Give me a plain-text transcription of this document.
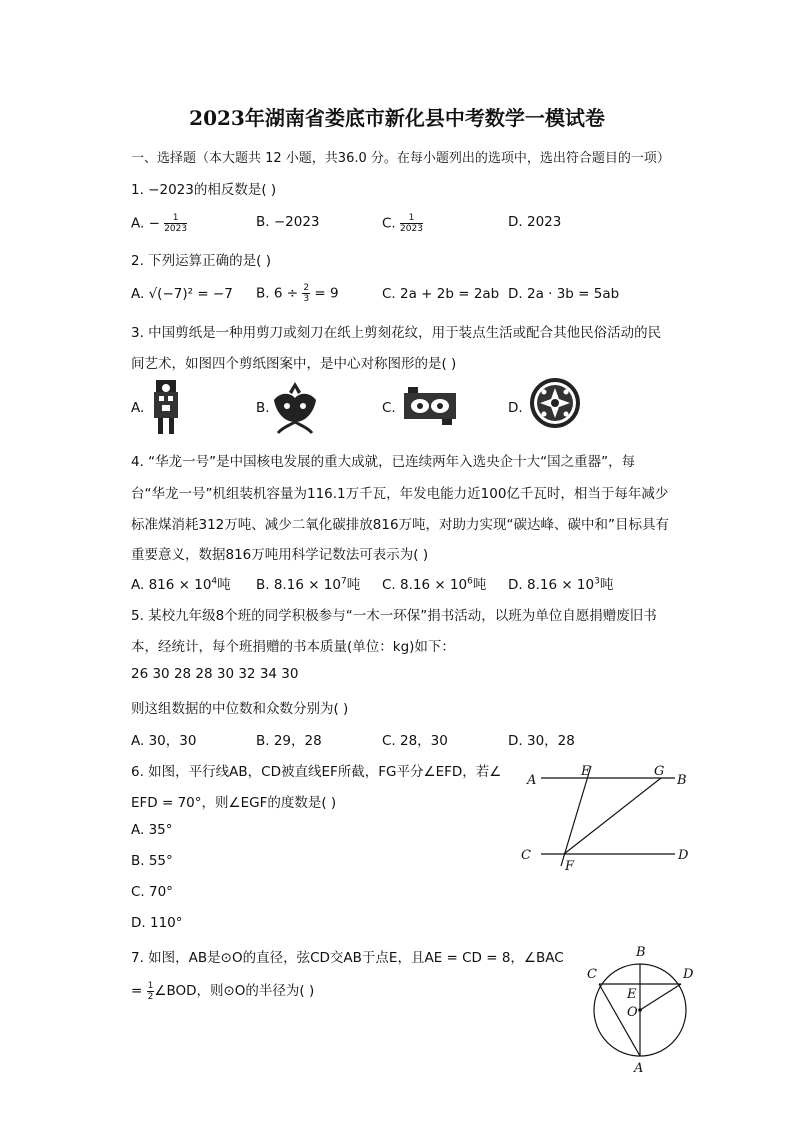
2023年湖南省娄底市新化县中考数学一模试卷
一、选择题（本大题共 12 小题，共36.0 分。在每小题列出的选项中，选出符合题目的一项）
1. −2023的相反数是( )
A. − $\frac{1}{2023}$	B. −2023	C. $\frac{1}{2023}$	D. 2023
2. 下列运算正确的是( )
A. √(−7)² = −7 B. $6 \div \frac{2}{3} = 9$	C. 2a + 2b = 2ab D. 2a · 3b = 5ab
3. 中国剪纸是一种用剪刀或刻刀在纸上剪刻花纹，用于装点生活或配合其他民俗活动的民
间艺术，如图四个剪纸图案中，是中心对称图形的是( )
A.	B.	C.	D.
4. “华龙一号”是中国核电发展的重大成就，已连续两年入选央企十大“国之重器”，每
台“华龙一号”机组装机容量为116.1万千瓦，年发电能力近100亿千瓦时，相当于每年减少
标准煤消耗312万吨、减少二氧化碳排放816万吨，对助力实现“碳达峰、碳中和”目标具有
重要意义，数据816万吨用科学记数法可表示为( )
A. $816 \times 10^4$吨 B. $8.16 \times 10^7$吨 C. $8.16 \times 10^6$吨 D. $8.16 \times 10^3$吨
5. 某校九年级8个班的同学积极参与“一木一环保”捐书活动，以班为单位自愿捐赠废旧书
本，经统计，每个班捐赠的书本质量(单位：kg)如下：
26 30 28 28 30 32 34 30
则这组数据的中位数和众数分别为( )
A. 30，30	B. 29，28	C. 28，30	D. 30，28
6. 如图，平行线AB，CD被直线EF所截，FG平分∠EFD，若∠
EFD = 70°，则∠EGF的度数是( )
A. 35°
B. 55°
C. 70°
D. 110°
A
E	G
B
C
F
D
7. 如图，AB是⊙O的直径，弦CD交AB于点E，且AE = CD = 8，∠BAC
= $\frac{1}{2}$ ∠BOD，则⊙O的半径为( )
B
C	D
E
O
A
